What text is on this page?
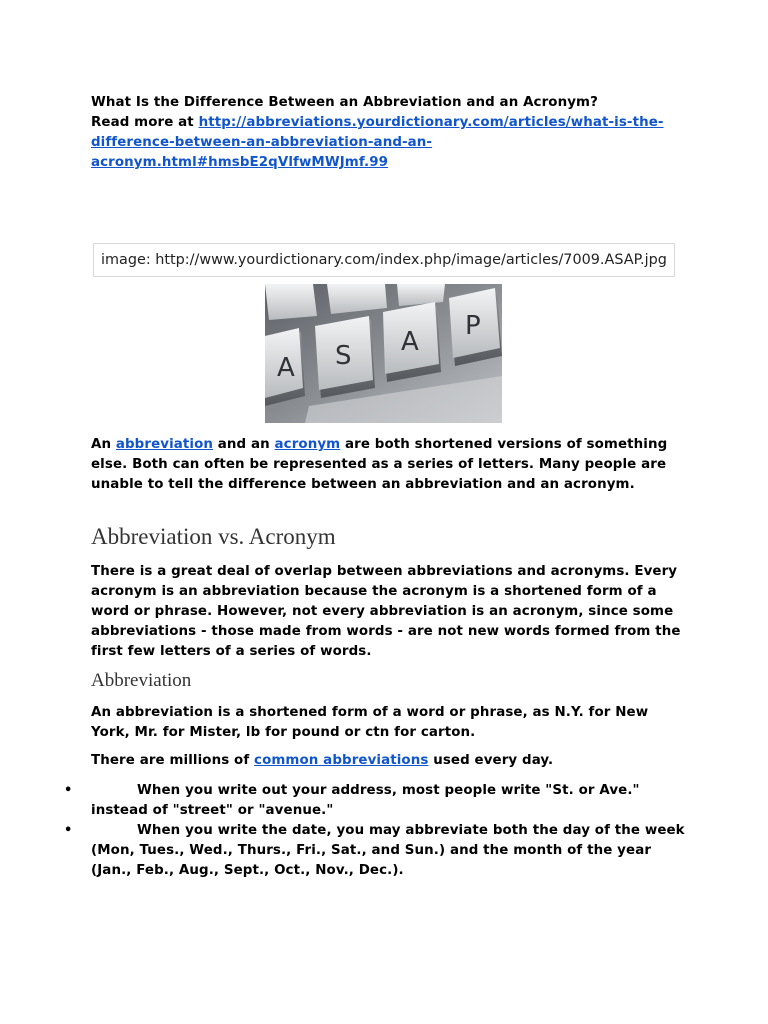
What Is the Difference Between an Abbreviation and an Acronym?
Read more at http://abbreviations.yourdictionary.com/articles/what-is-the-
difference-between-an-abbreviation-and-an-
acronym.html#hmsbE2qVlfwMWJmf.99
image: http://www.yourdictionary.com/index.php/image/articles/7009.ASAP.jpg
A S A
P
An abbreviation and an acronym are both shortened versions of something else. Both can often be represented as a series of letters. Many people are unable to tell the difference between an abbreviation and an acronym.
Abbreviation vs. Acronym
There is a great deal of overlap between abbreviations and acronyms. Every acronym is an abbreviation because the acronym is a shortened form of a word or phrase. However, not every abbreviation is an acronym, since some abbreviations - those made from words - are not new words formed from the first few letters of a series of words.
Abbreviation
An abbreviation is a shortened form of a word or phrase, as N.Y. for New York, Mr. for Mister, lb for pound or ctn for carton.
There are millions of common abbreviations used every day.
•	When you write out your address, most people write "St. or Ave." instead of "street" or "avenue."
•	When you write the date, you may abbreviate both the day of the week (Mon, Tues., Wed., Thurs., Fri., Sat., and Sun.) and the month of the year (Jan., Feb., Aug., Sept., Oct., Nov., Dec.).
